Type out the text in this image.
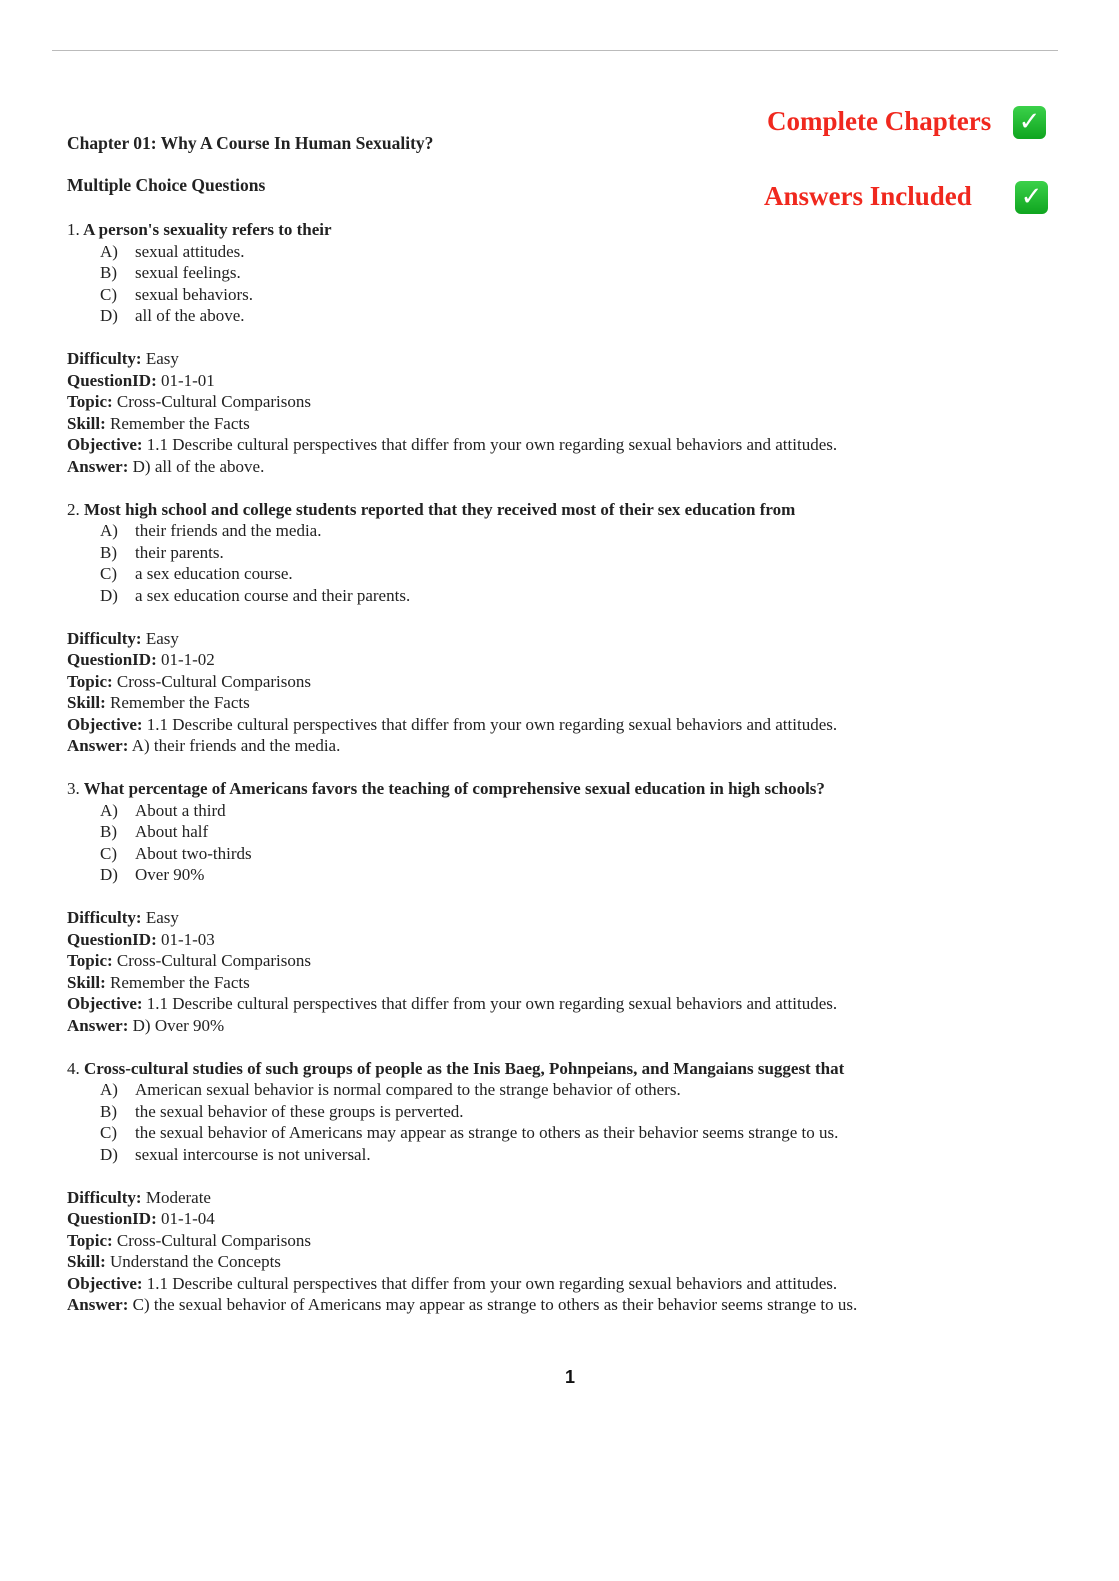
Chapter 01: Why A Course In Human Sexuality?
Multiple Choice Questions
Complete Chapters ✓
Answers Included ✓
1. A person's sexuality refers to their
A)	sexual attitudes.
B)	sexual feelings.
C)	sexual behaviors.
D)	all of the above.
Difficulty: Easy
QuestionID: 01-1-01
Topic: Cross-Cultural Comparisons
Skill: Remember the Facts
Objective: 1.1 Describe cultural perspectives that differ from your own regarding sexual behaviors and attitudes.
Answer: D) all of the above.
2. Most high school and college students reported that they received most of their sex education from
A)	their friends and the media.
B)	their parents.
C)	a sex education course.
D)	a sex education course and their parents.
Difficulty: Easy
QuestionID: 01-1-02
Topic: Cross-Cultural Comparisons
Skill: Remember the Facts
Objective: 1.1 Describe cultural perspectives that differ from your own regarding sexual behaviors and attitudes.
Answer: A) their friends and the media.
3. What percentage of Americans favors the teaching of comprehensive sexual education in high schools?
A)	About a third
B)	About half
C)	About two-thirds
D)	Over 90%
Difficulty: Easy
QuestionID: 01-1-03
Topic: Cross-Cultural Comparisons
Skill: Remember the Facts
Objective: 1.1 Describe cultural perspectives that differ from your own regarding sexual behaviors and attitudes.
Answer: D) Over 90%
4. Cross-cultural studies of such groups of people as the Inis Baeg, Pohnpeians, and Mangaians suggest that
A)	American sexual behavior is normal compared to the strange behavior of others.
B)	the sexual behavior of these groups is perverted.
C)	the sexual behavior of Americans may appear as strange to others as their behavior seems strange to us.
D)	sexual intercourse is not universal.
Difficulty: Moderate
QuestionID: 01-1-04
Topic: Cross-Cultural Comparisons
Skill: Understand the Concepts
Objective: 1.1 Describe cultural perspectives that differ from your own regarding sexual behaviors and attitudes.
Answer: C) the sexual behavior of Americans may appear as strange to others as their behavior seems strange to us.
1
